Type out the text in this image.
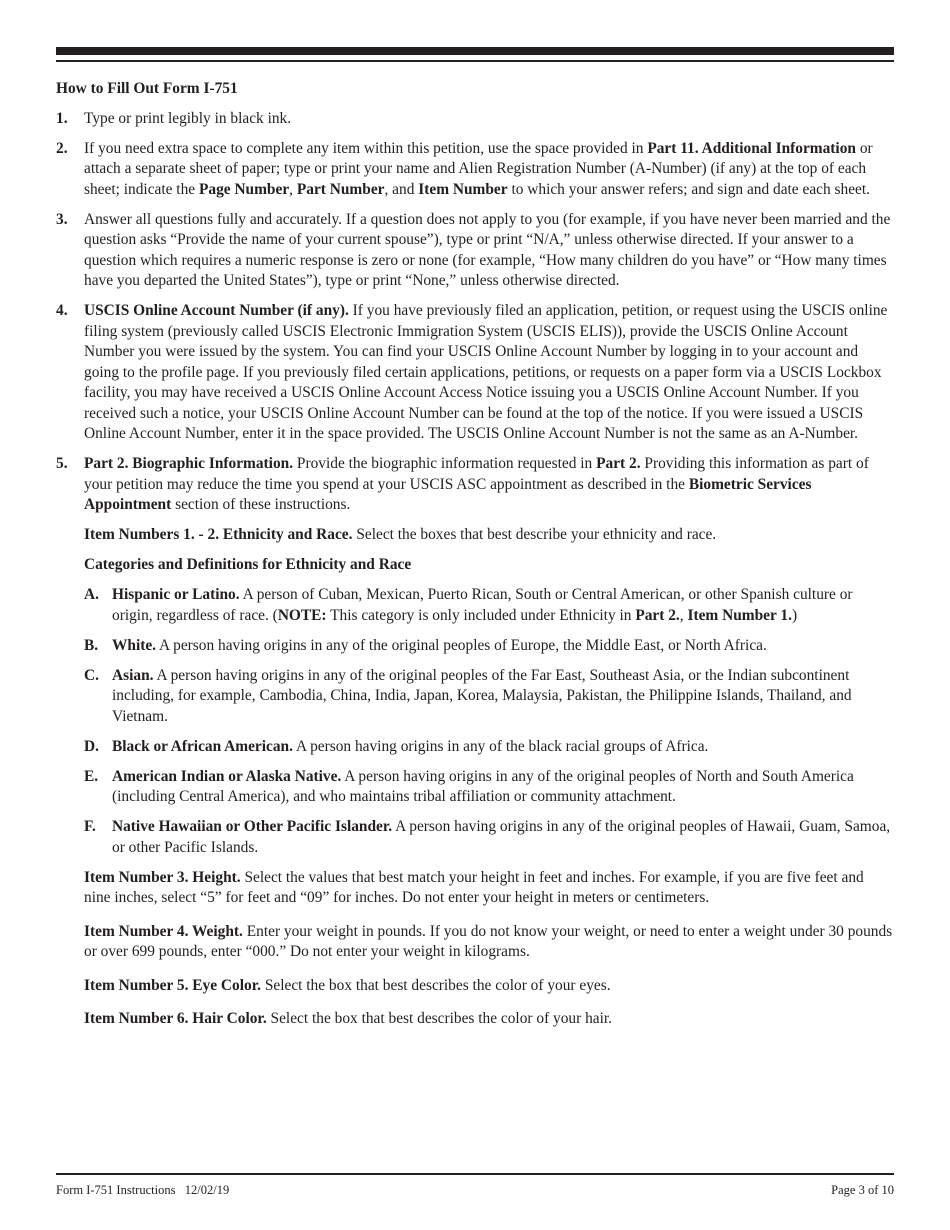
How to Fill Out Form I-751
1.	Type or print legibly in black ink.
2.	If you need extra space to complete any item within this petition, use the space provided in Part 11. Additional Information or attach a separate sheet of paper; type or print your name and Alien Registration Number (A-Number) (if any) at the top of each sheet; indicate the Page Number, Part Number, and Item Number to which your answer refers; and sign and date each sheet.
3.	Answer all questions fully and accurately. If a question does not apply to you (for example, if you have never been married and the question asks “Provide the name of your current spouse”), type or print “N/A,” unless otherwise directed. If your answer to a question which requires a numeric response is zero or none (for example, “How many children do you have” or “How many times have you departed the United States”), type or print “None,” unless otherwise directed.
4.	USCIS Online Account Number (if any). If you have previously filed an application, petition, or request using the USCIS online filing system (previously called USCIS Electronic Immigration System (USCIS ELIS)), provide the USCIS Online Account Number you were issued by the system. You can find your USCIS Online Account Number by logging in to your account and going to the profile page. If you previously filed certain applications, petitions, or requests on a paper form via a USCIS Lockbox facility, you may have received a USCIS Online Account Access Notice issuing you a USCIS Online Account Number. If you received such a notice, your USCIS Online Account Number can be found at the top of the notice. If you were issued a USCIS Online Account Number, enter it in the space provided. The USCIS Online Account Number is not the same as an A-Number.
5.	Part 2. Biographic Information. Provide the biographic information requested in Part 2. Providing this information as part of your petition may reduce the time you spend at your USCIS ASC appointment as described in the Biometric Services Appointment section of these instructions.
Item Numbers 1. - 2. Ethnicity and Race. Select the boxes that best describe your ethnicity and race.
Categories and Definitions for Ethnicity and Race
A. Hispanic or Latino. A person of Cuban, Mexican, Puerto Rican, South or Central American, or other Spanish culture or origin, regardless of race. (NOTE: This category is only included under Ethnicity in Part 2., Item Number 1.)
B. White. A person having origins in any of the original peoples of Europe, the Middle East, or North Africa.
C. Asian. A person having origins in any of the original peoples of the Far East, Southeast Asia, or the Indian subcontinent including, for example, Cambodia, China, India, Japan, Korea, Malaysia, Pakistan, the Philippine Islands, Thailand, and Vietnam.
D. Black or African American. A person having origins in any of the black racial groups of Africa.
E. American Indian or Alaska Native. A person having origins in any of the original peoples of North and South America (including Central America), and who maintains tribal affiliation or community attachment.
F.	Native Hawaiian or Other Pacific Islander. A person having origins in any of the original peoples of Hawaii, Guam, Samoa, or other Pacific Islands.
Item Number 3. Height. Select the values that best match your height in feet and inches. For example, if you are five feet and nine inches, select “5” for feet and “09” for inches. Do not enter your height in meters or centimeters.
Item Number 4. Weight. Enter your weight in pounds. If you do not know your weight, or need to enter a weight under 30 pounds or over 699 pounds, enter “000.” Do not enter your weight in kilograms.
Item Number 5. Eye Color. Select the box that best describes the color of your eyes.
Item Number 6. Hair Color. Select the box that best describes the color of your hair.
Form I-751 Instructions   12/02/19	Page 3 of 10
